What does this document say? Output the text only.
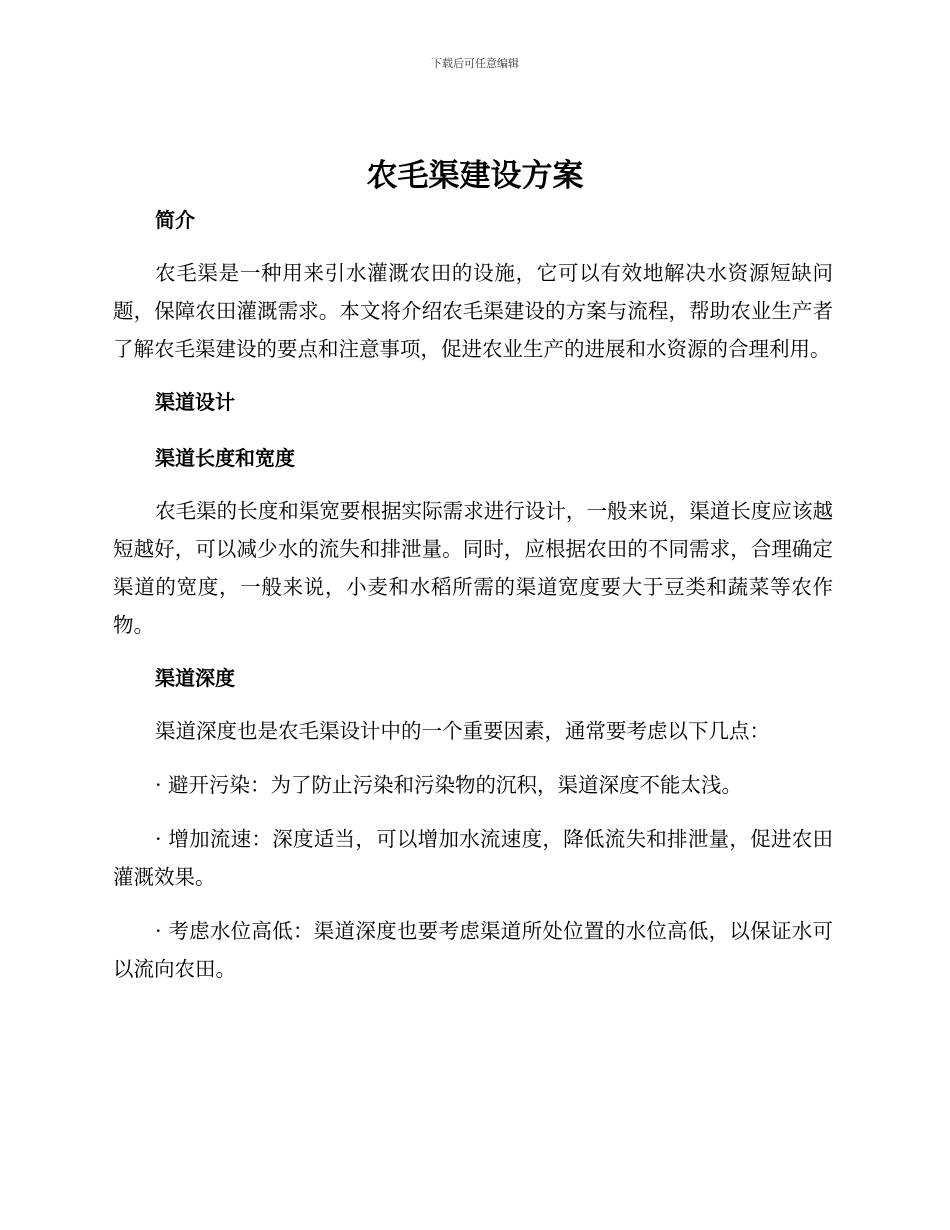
下载后可任意编辑
农毛渠建设方案
简介

农毛渠是一种用来引水灌溉农田的设施，它可以有效地解决水资源短缺问题，保障农田灌溉需求。本文将介绍农毛渠建设的方案与流程，帮助农业生产者了解农毛渠建设的要点和注意事项，促进农业生产的进展和水资源的合理利用。

渠道设计
渠道长度和宽度

农毛渠的长度和渠宽要根据实际需求进行设计，一般来说，渠道长度应该越短越好，可以减少水的流失和排泄量。同时，应根据农田的不同需求，合理确定渠道的宽度，一般来说，小麦和水稻所需的渠道宽度要大于豆类和蔬菜等农作物。

渠道深度

渠道深度也是农毛渠设计中的一个重要因素，通常要考虑以下几点：

· 避开污染：为了防止污染和污染物的沉积，渠道深度不能太浅。

· 增加流速：深度适当，可以增加水流速度，降低流失和排泄量，促进农田灌溉效果。

· 考虑水位高低：渠道深度也要考虑渠道所处位置的水位高低，以保证水可以流向农田。
